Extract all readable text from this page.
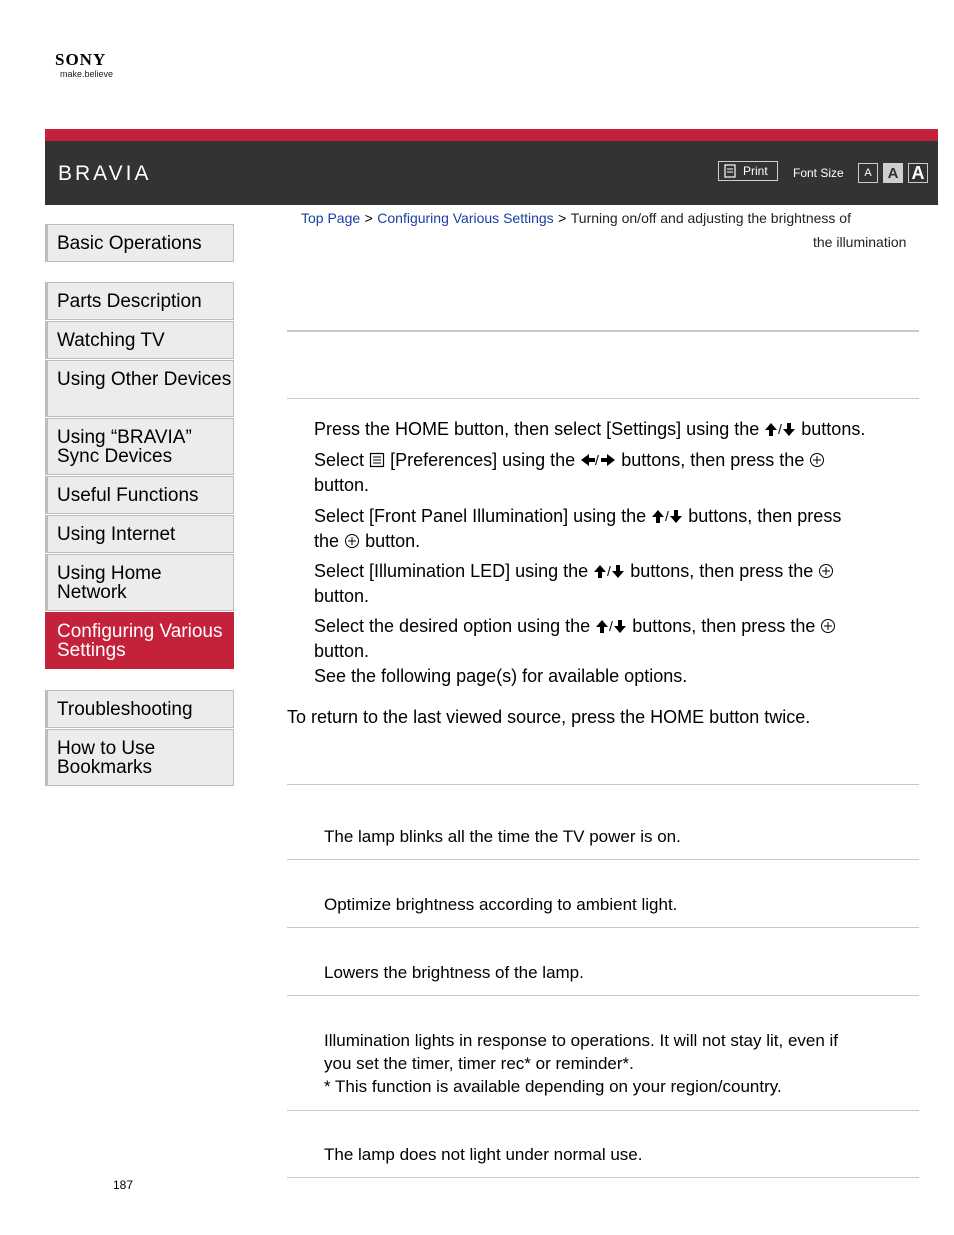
SONY
make.believe
BRAVIA	Print Font Size	A	A A
Top Page > Configuring Various Settings > Turning on/off and adjusting the brightness of
the illumination
Basic Operations
Parts Description
Watching TV
Using Other Devices
Using “BRAVIA” Sync Devices
Useful Functions
Using Internet
Using Home Network
Configuring Various Settings
Troubleshooting
How to Use Bookmarks
Press the HOME button, then select [Settings] using the / buttons.
Select [Preferences] using the / buttons, then press the
button.
Select [Front Panel Illumination] using the / buttons, then press
the button.
Select [Illumination LED] using the / buttons, then press the
button.
Select the desired option using the / buttons, then press the
button.
See the following page(s) for available options.
To return to the last viewed source, press the HOME button twice.
The lamp blinks all the time the TV power is on.
Optimize brightness according to ambient light.
Lowers the brightness of the lamp.
Illumination lights in response to operations. It will not stay lit, even if
you set the timer, timer rec* or reminder*.
* This function is available depending on your region/country.
The lamp does not light under normal use.
187
